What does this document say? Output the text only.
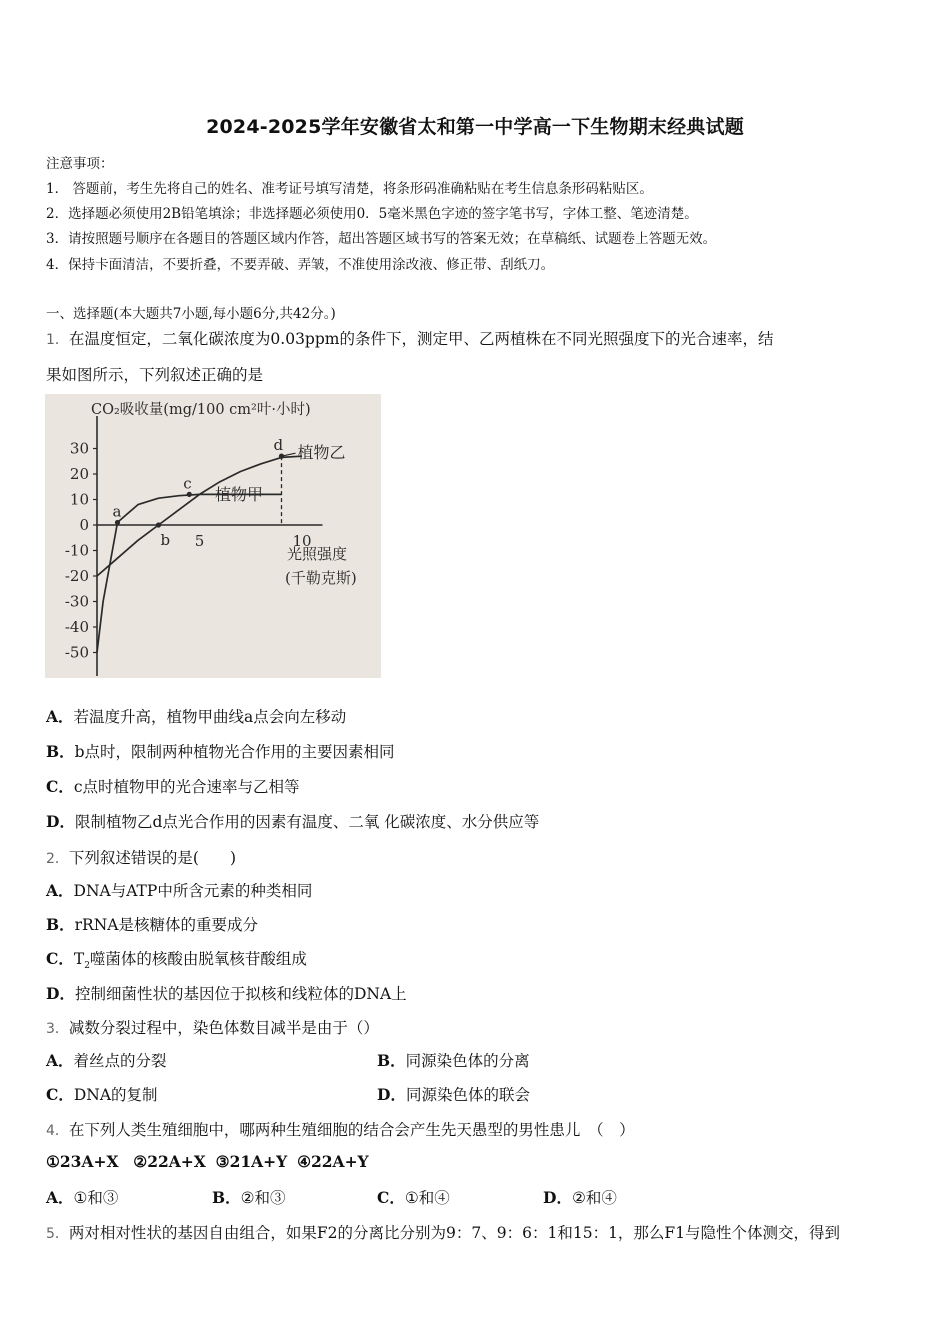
2024-2025学年安徽省太和第一中学高一下生物期末经典试题
注意事项：
1． 答题前，考生先将自己的姓名、准考证号填写清楚，将条形码准确粘贴在考生信息条形码粘贴区。
2．选择题必须使用2B铅笔填涂；非选择题必须使用0．5毫米黑色字迹的签字笔书写，字体工整、笔迹清楚。
3．请按照题号顺序在各题目的答题区域内作答，超出答题区域书写的答案无效；在草稿纸、试题卷上答题无效。
4．保持卡面清洁，不要折叠，不要弄破、弄皱，不准使用涂改液、修正带、刮纸刀。
一、选择题(本大题共7小题,每小题6分,共42分。)
1．在温度恒定，二氧化碳浓度为0.03ppm的条件下，测定甲、乙两植株在不同光照强度下的光合速率，结
果如图所示，下列叙述正确的是
CO₂吸收量(mg/100 cm²叶·小时)
30
20
10
0
-10
-20
-30
-40
-50
5	10
光照强度
(千勒克斯)
a
b
c
d 植物乙
植物甲
A．若温度升高，植物甲曲线a点会向左移动
B．b点时，限制两种植物光合作用的主要因素相同
C．c点时植物甲的光合速率与乙相等
D．限制植物乙d点光合作用的因素有温度、二氧 化碳浓度、水分供应等
2．下列叙述错误的是(　　)
A．DNA与ATP中所含元素的种类相同
B．rRNA是核糖体的重要成分
C．$T_2$噬菌体的核酸由脱氧核苷酸组成
D．控制细菌性状的基因位于拟核和线粒体的DNA上
3．减数分裂过程中，染色体数目减半是由于（）
A．着丝点的分裂	B．同源染色体的分离
C．DNA的复制	D．同源染色体的联会
4．在下列人类生殖细胞中，哪两种生殖细胞的结合会产生先天愚型的男性患儿　（　）
①23A+X ②22A+X ③21A+Y ④22A+Y
A．①和③	B．②和③	C．①和④	D．②和④
5．两对相对性状的基因自由组合，如果F2的分离比分别为9：7、9：6：1和15：1，那么F1与隐性个体测交，得到
